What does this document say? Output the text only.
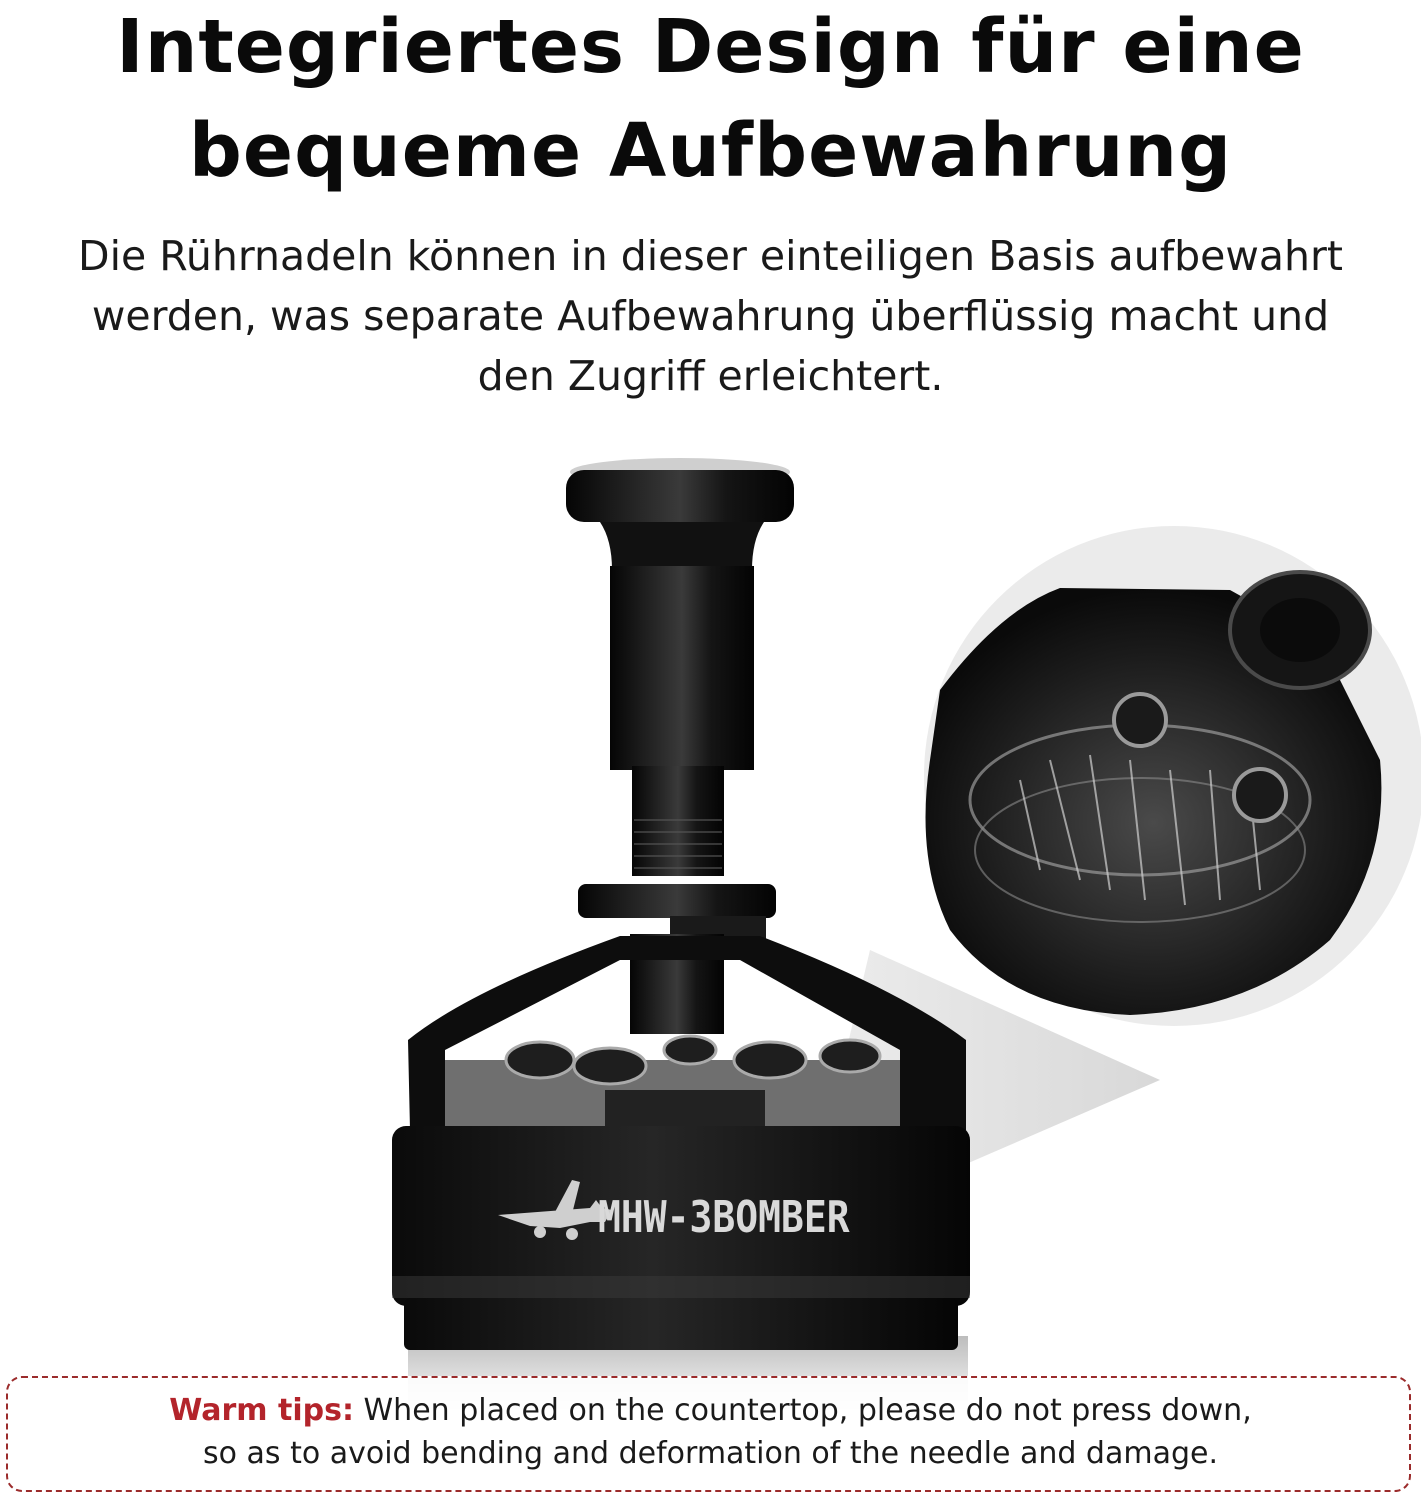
Integriertes Design für eine
bequeme Aufbewahrung
Die Rührnadeln können in dieser einteiligen Basis aufbewahrt
werden, was separate Aufbewahrung überflüssig macht und
den Zugriff erleichtert.
MHW-3BOMBER
Warm tips: When placed on the countertop, please do not press down,
so as to avoid bending and deformation of the needle and damage.
